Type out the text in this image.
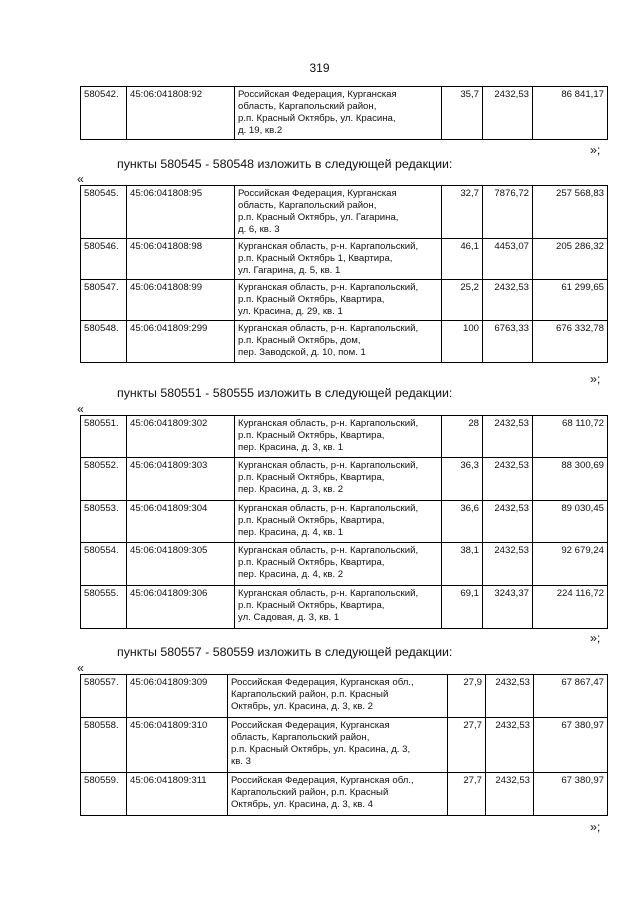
319
580542.	45:06:041808:92	Российская Федерация, Курганская
область, Каргапольский район,
р.п. Красный Октябрь, ул. Красина,
д. 19, кв.2
	35,7	2432,53	86 841,17
»;
пункты 580545 - 580548 изложить в следующей редакции:
«
580545.	45:06:041808:95	Российская Федерация, Курганская
область, Каргапольский район,
р.п. Красный Октябрь, ул. Гагарина,
д. 6, кв. 3	32,7	7876,72	257 568,83
580546.	45:06:041808:98	Курганская область, р-н. Каргапольский,
р.п. Красный Октябрь 1, Квартира,
ул. Гагарина, д. 5, кв. 1	46,1	4453,07	205 286,32
580547.	45:06:041808:99	Курганская область, р-н. Каргапольский,
р.п. Красный Октябрь, Квартира,
ул. Красина, д. 29, кв. 1	25,2	2432,53	61 299,65
580548.	45:06:041809:299	Курганская область, р-н. Каргапольский,
р.п. Красный Октябрь, дом,
пер. Заводской, д. 10, пом. 1	100	6763,33	676 332,78
»;
пункты 580551 - 580555 изложить в следующей редакции:
«
580551.	45:06:041809:302	Курганская область, р-н. Каргапольский,
р.п. Красный Октябрь, Квартира,
пер. Красина, д. 3, кв. 1	28	2432,53	68 110,72
580552.	45:06:041809:303	Курганская область, р-н. Каргапольский,
р.п. Красный Октябрь, Квартира,
пер. Красина, д. 3, кв. 2	36,3	2432,53	88 300,69
580553.	45:06:041809:304	Курганская область, р-н. Каргапольский,
р.п. Красный Октябрь, Квартира,
пер. Красина, д. 4, кв. 1	36,6	2432,53	89 030,45
580554.	45:06:041809:305	Курганская область, р-н. Каргапольский,
р.п. Красный Октябрь, Квартира,
пер. Красина, д. 4, кв. 2	38,1	2432,53	92 679,24
580555.	45:06:041809:306	Курганская область, р-н. Каргапольский,
р.п. Красный Октябрь, Квартира,
ул. Садовая, д. 3, кв. 1	69,1	3243,37	224 116,72
»;
пункты 580557 - 580559 изложить в следующей редакции:
«
580557.	45:06:041809:309	Российская Федерация, Курганская обл.,
Каргапольский район, р.п. Красный
Октябрь, ул. Красина, д. 3, кв. 2	27,9	2432,53	67 867,47
580558.	45:06:041809:310	Российская Федерация, Курганская
область, Каргапольский район,
р.п. Красный Октябрь, ул. Красина, д. 3,
кв. 3	27,7	2432,53	67 380,97
580559.	45:06:041809:311	Российская Федерация, Курганская обл.,
Каргапольский район, р.п. Красный
Октябрь, ул. Красина, д. 3, кв. 4	27,7	2432,53	67 380,97
»;
